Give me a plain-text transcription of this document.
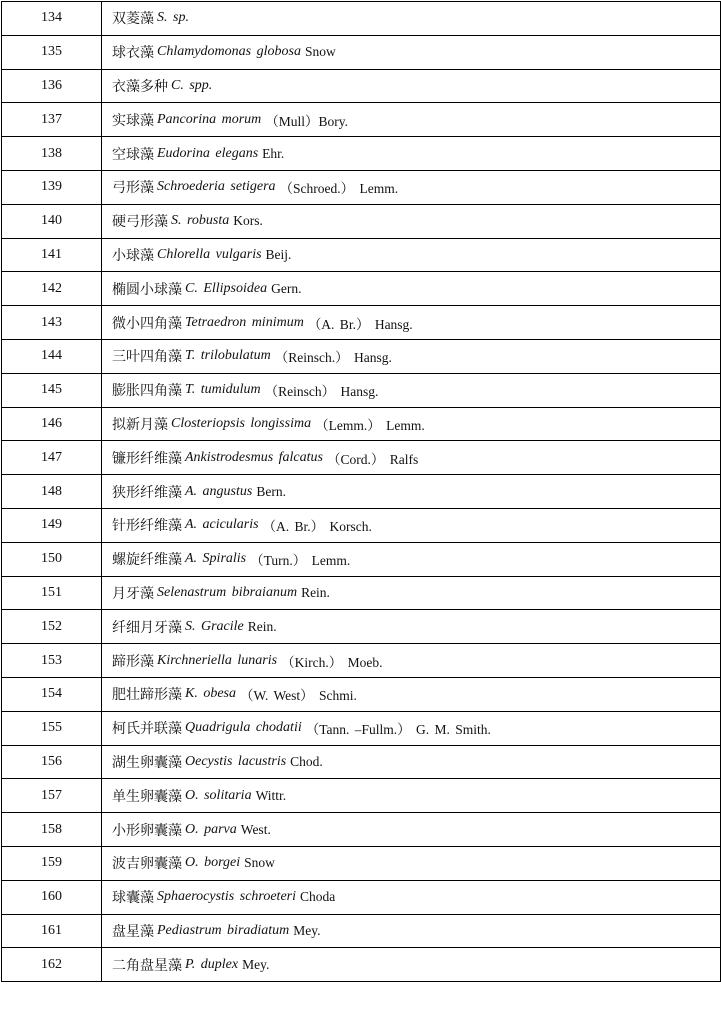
134	双菱藻 S. sp.
135	球衣藻 Chlamydomonas globosa Snow
136	衣藻多种 C. spp.
137	实球藻 Pancorina morum （Mull）Bory.
138	空球藻 Eudorina elegans Ehr.
139	弓形藻 Schroederia setigera （Schroed.） Lemm.
140	硬弓形藻 S. robusta Kors.
141	小球藻 Chlorella vulgaris Beij.
142	椭圆小球藻 C. Ellipsoidea Gern.
143	微小四角藻 Tetraedron minimum （A. Br.） Hansg.
144	三叶四角藻 T. trilobulatum （Reinsch.） Hansg.
145	膨胀四角藻 T. tumidulum （Reinsch） Hansg.
146	拟新月藻 Closteriopsis longissima （Lemm.） Lemm.
147	镰形纤维藻 Ankistrodesmus falcatus （Cord.） Ralfs
148	狭形纤维藻 A. angustus Bern.
149	针形纤维藻 A. acicularis （A. Br.） Korsch.
150	螺旋纤维藻 A. Spiralis （Turn.） Lemm.
151	月牙藻 Selenastrum bibraianum Rein.
152	纤细月牙藻 S. Gracile Rein.
153	蹄形藻 Kirchneriella lunaris （Kirch.） Moeb.
154	肥壮蹄形藻 K. obesa （W. West） Schmi.
155	柯氏并联藻 Quadrigula chodatii （Tann. –Fullm.） G. M. Smith.
156	湖生卵囊藻 Oecystis lacustris Chod.
157	单生卵囊藻 O. solitaria Wittr.
158	小形卵囊藻 O. parva West.
159	波吉卵囊藻 O. borgei Snow
160	球囊藻 Sphaerocystis schroeteri Choda
161	盘星藻 Pediastrum biradiatum Mey.
162	二角盘星藻 P. duplex Mey.
